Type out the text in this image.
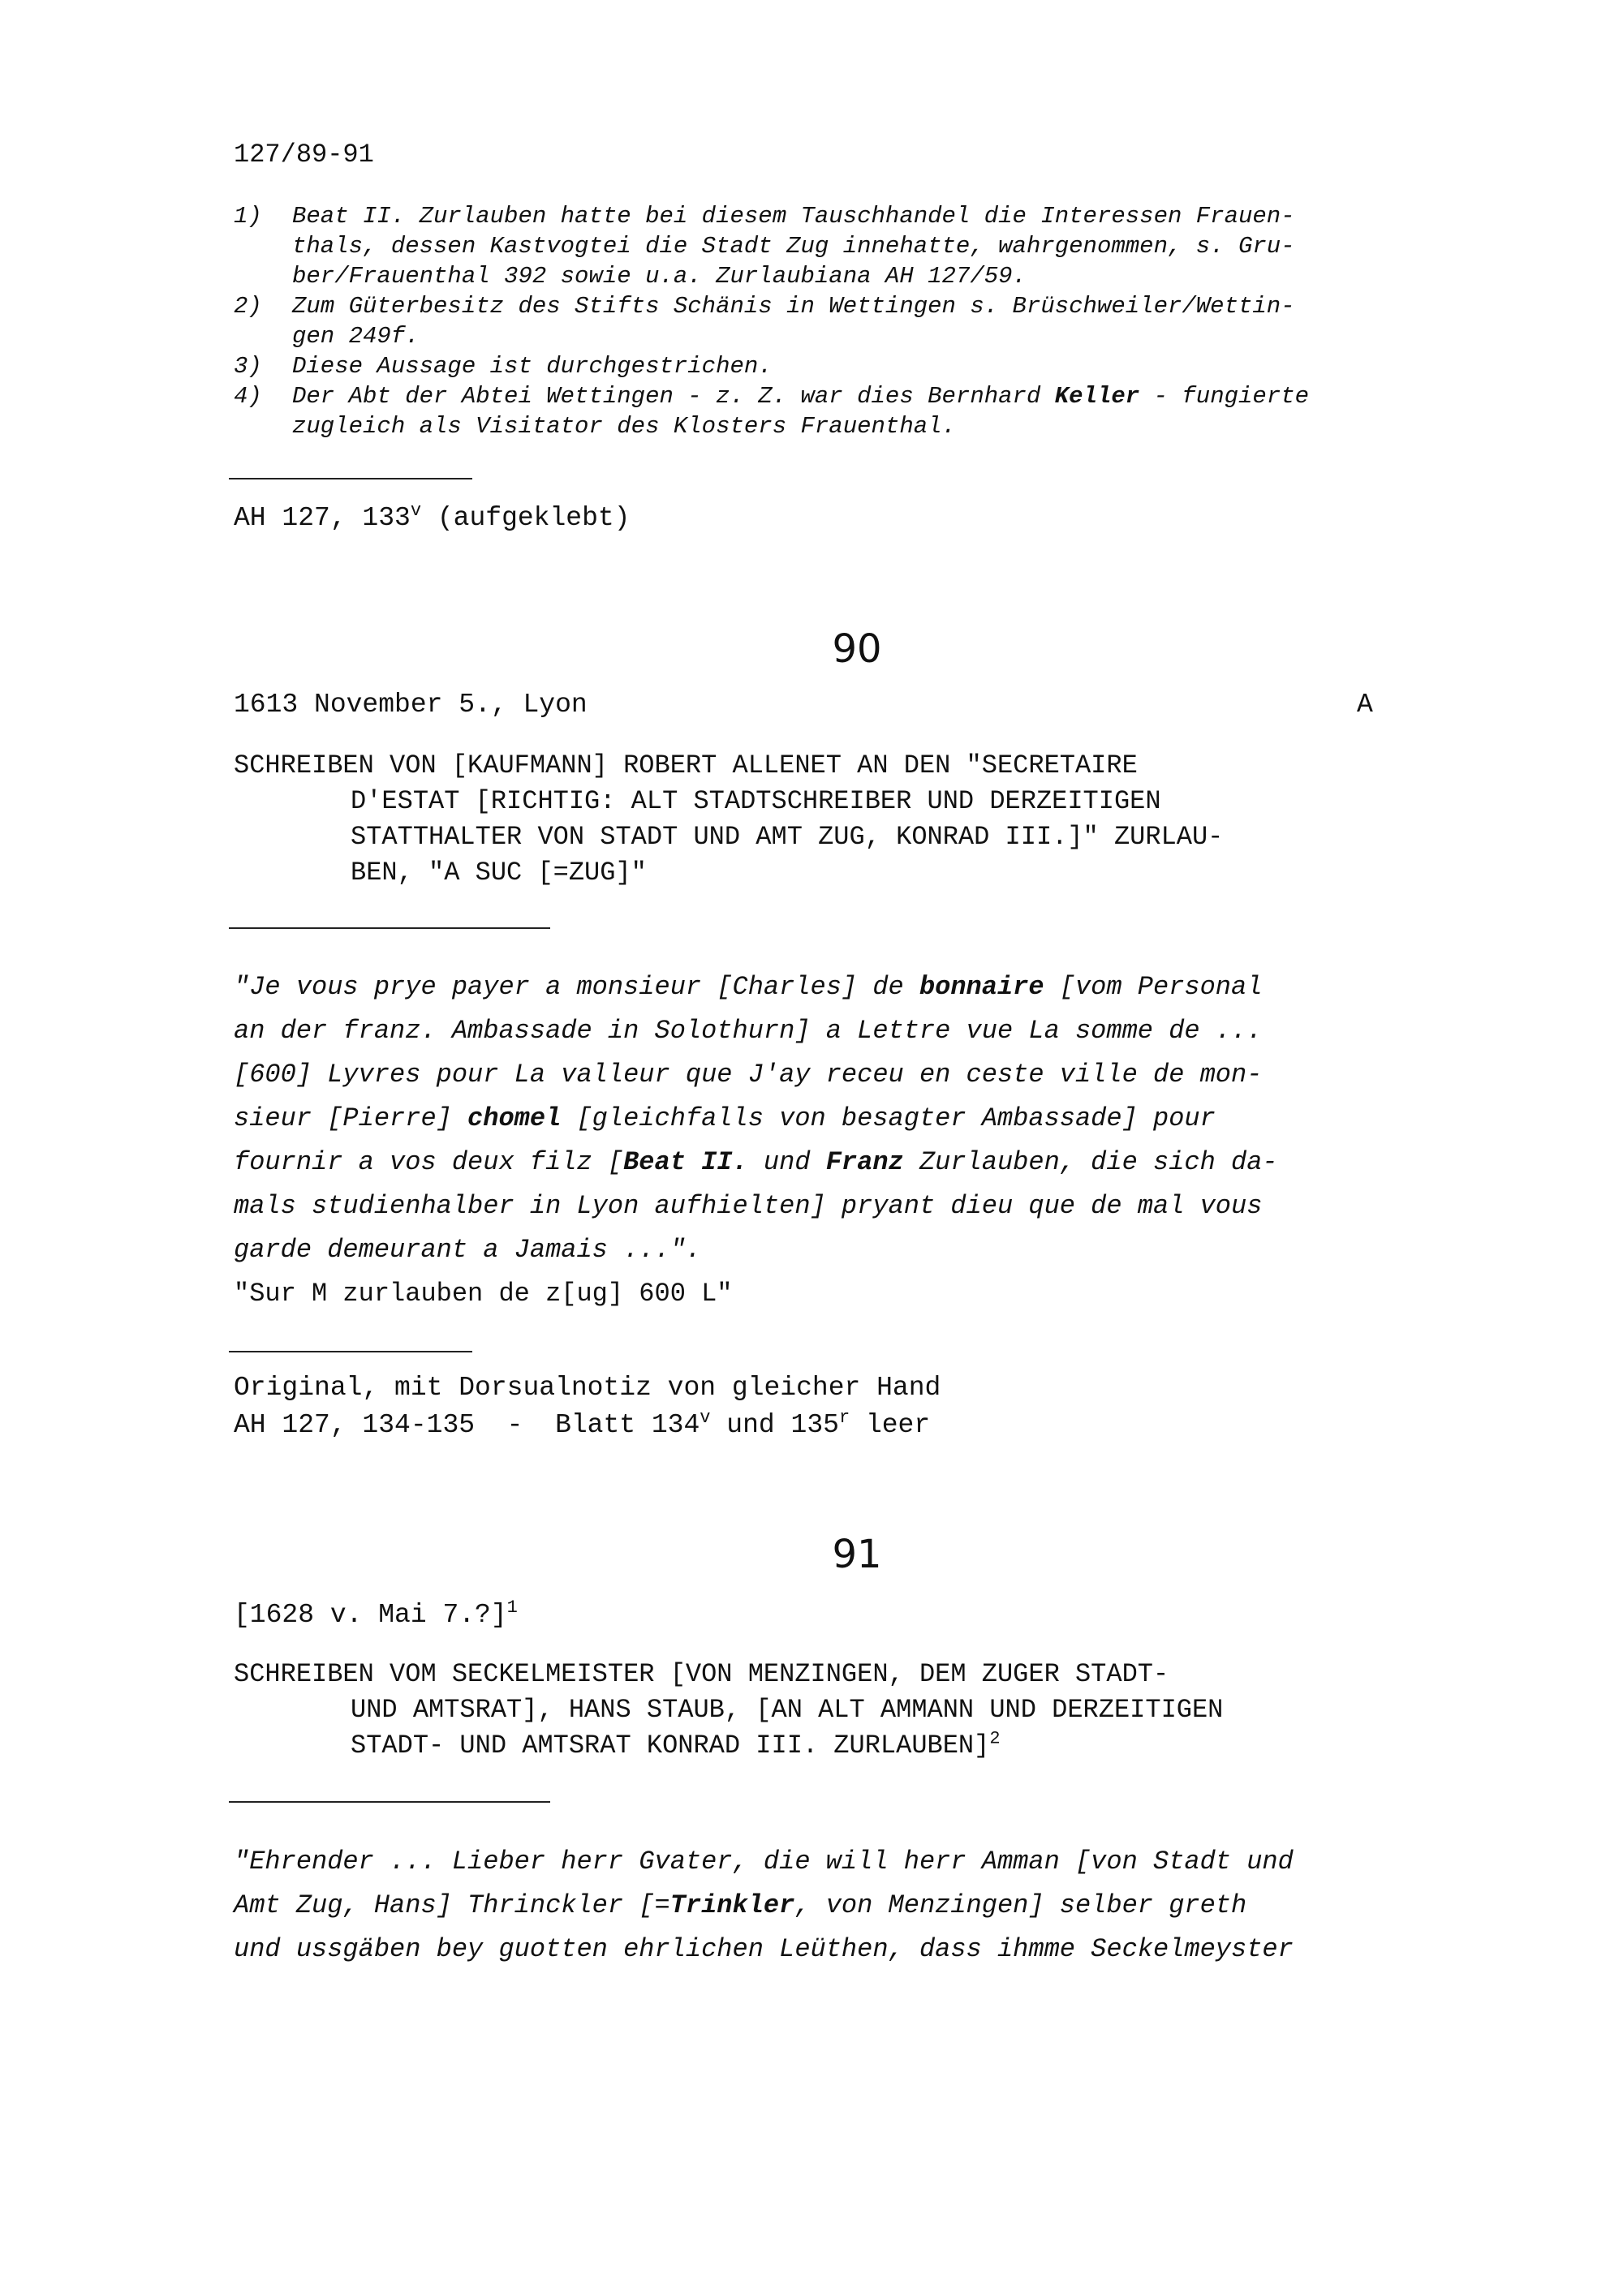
127/89-91
1) Beat II. Zurlauben hatte bei diesem Tauschhandel die Interessen Frauen-
thals, dessen Kastvogtei die Stadt Zug innehatte, wahrgenommen, s. Gru-
ber/Frauenthal 392 sowie u.a. Zurlaubiana AH 127/59.
2) Zum Güterbesitz des Stifts Schänis in Wettingen s. Brüschweiler/Wettin-
gen 249f.
3) Diese Aussage ist durchgestrichen.
4) Der Abt der Abtei Wettingen - z. Z. war dies Bernhard Keller - fungierte
zugleich als Visitator des Klosters Frauenthal.
AH 127, 133$^v$ (aufgeklebt)
90
1613 November 5., Lyon	A
SCHREIBEN VON [KAUFMANN] ROBERT ALLENET AN DEN "SECRETAIRE
D'ESTAT [RICHTIG: ALT STADTSCHREIBER UND DERZEITIGEN
STATTHALTER VON STADT UND AMT ZUG, KONRAD III.]" ZURLAU-
BEN, "A SUC [=ZUG]"
"Je vous prye payer a monsieur [Charles] de bonnaire [vom Personal
an der franz. Ambassade in Solothurn] a Lettre vue La somme de ...
[600] Lyvres pour La valleur que J'ay receu en ceste ville de mon-
sieur [Pierre] chomel [gleichfalls von besagter Ambassade] pour
fournir a vos deux filz [Beat II. und Franz Zurlauben, die sich da-
mals studienhalber in Lyon aufhielten] pryant dieu que de mal vous
garde demeurant a Jamais ...".
"Sur M zurlauben de z[ug] 600 L"
Original, mit Dorsualnotiz von gleicher Hand
AH 127, 134-135  -  Blatt 134$^v$ und 135$^r$ leer
91
[1628 v. Mai 7.?]$^1$
SCHREIBEN VOM SECKELMEISTER [VON MENZINGEN, DEM ZUGER STADT-
UND AMTSRAT], HANS STAUB, [AN ALT AMMANN UND DERZEITIGEN
STADT- UND AMTSRAT KONRAD III. ZURLAUBEN]$^2$
"Ehrender ... Lieber herr Gvater, die will herr Amman [von Stadt und
Amt Zug, Hans] Thrinckler [=Trinkler, von Menzingen] selber greth
und ussgäben bey guotten ehrlichen Leüthen, dass ihmme Seckelmeyster
